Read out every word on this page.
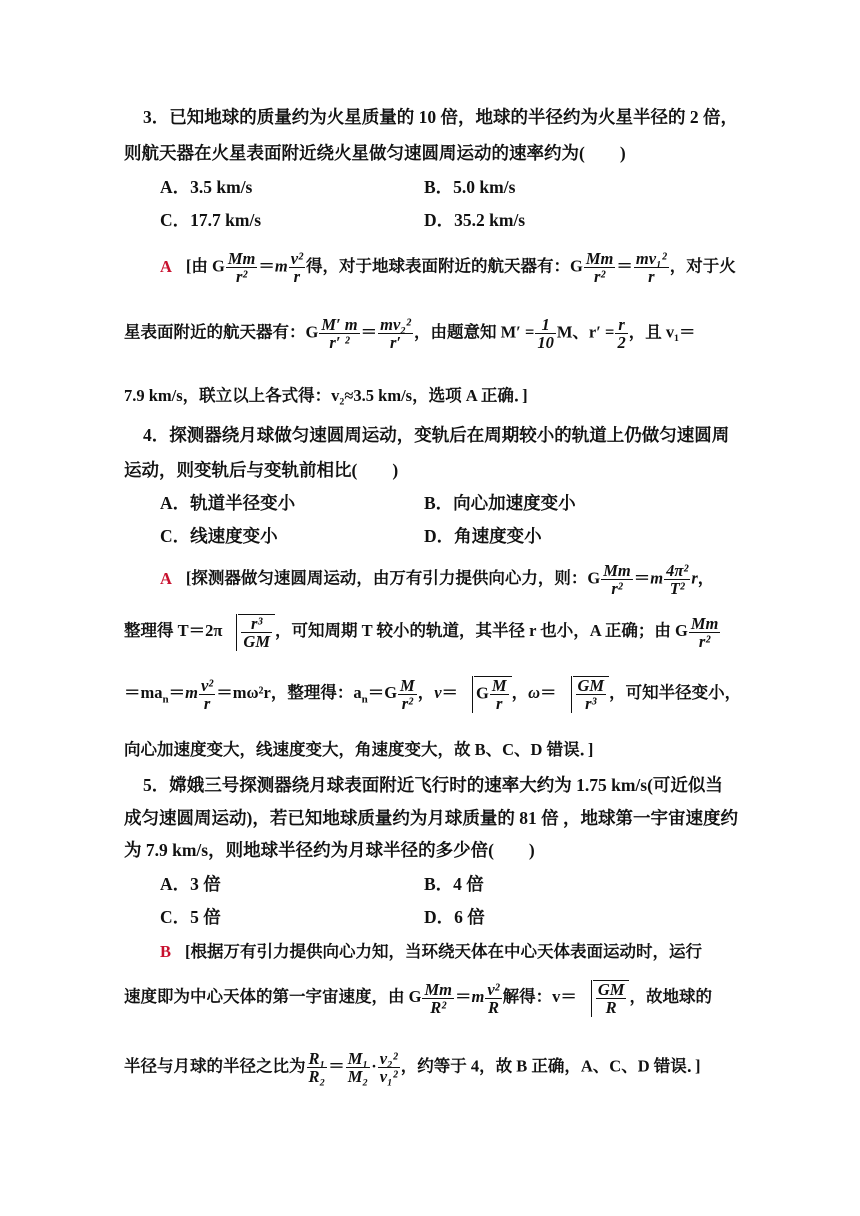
3．已知地球的质量约为火星质量的 10 倍，地球的半径约为火星半径的 2 倍，
则航天器在火星表面附近绕火星做匀速圆周运动的速率约为(　　)
A．3.5 km/s	B．5.0 km/s
C．17.7 km/s	D．35.2 km/s
A [由 G $\frac{Mm}{\text{r²}} =m \frac{\text{v²}}{r}$ 得，对于地球表面附近的航天器有：G $\frac{Mm}{\text{r²}} = \frac{\text{mv₁²}}{r}$ ，对于火
星表面附近的航天器有：G $\frac{M' m}{\text{r′ ²}} = \frac{\text{mv₂²}}{r'}$ ，由题意知 $M' = \frac{1}{10}$ M、$r' = \frac{r}{2}$ ，且 v₁＝
7.9 km/s，联立以上各式得：v₂≈3.5 km/s，选项 A 正确．]
4．探测器绕月球做匀速圆周运动，变轨后在周期较小的轨道上仍做匀速圆周
运动，则变轨后与变轨前相比(　　)
A．轨道半径变小	B．向心加速度变小
C．线速度变小	D．角速度变小
A [探测器做匀速圆周运动，由万有引力提供向心力，则：G $\frac{Mm}{\text{r²}} =m \frac{\text{4π²}}{\text{T²}}$ r，
整理得 $T=2\pi \frac{\text{r³}}{GM}$ ，可知周期 T 较小的轨道，其半径 r 也小，A 正确；由 G $\frac{Mm}{\text{r²}}$
$=ma_n=m \frac{\text{v²}}{r} =m\omega^2r$，整理得：$a_n=G \frac{M}{\text{r²}}$ ，v＝ G $\frac{M}{r}$ ，$\omega= \frac{GM}{\text{r³}}$ ，可知半径变小，
向心加速度变大，线速度变大，角速度变大，故 B、C、D 错误．]
5．嫦娥三号探测器绕月球表面附近飞行时的速率大约为 1.75 km/s(可近似当
成匀速圆周运动)，若已知地球质量约为月球质量的 81 倍 ，地球第一宇宙速度约
为 7.9 km/s，则地球半径约为月球半径的多少倍(　　)
A．3 倍	B．4 倍
C．5 倍	D．6 倍
B [根据万有引力提供向心力知，当环绕天体在中心天体表面运动时，运行
速度即为中心天体的第一宇宙速度，由 G $\frac{Mm}{\text{R²}} =m \frac{\text{v²}}{R}$ 解得：$v= \frac{GM}{R}$ ，故地球的
半径与月球的半径之比为 $\frac{\text{R₁}}{\text{R₂}} = \frac{\text{M₁}}{\text{M₂}} \cdot \frac{\text{v₂²}}{\text{v₁²}}$ ，约等于 4，故 B 正确，A、C、D 错误．]
